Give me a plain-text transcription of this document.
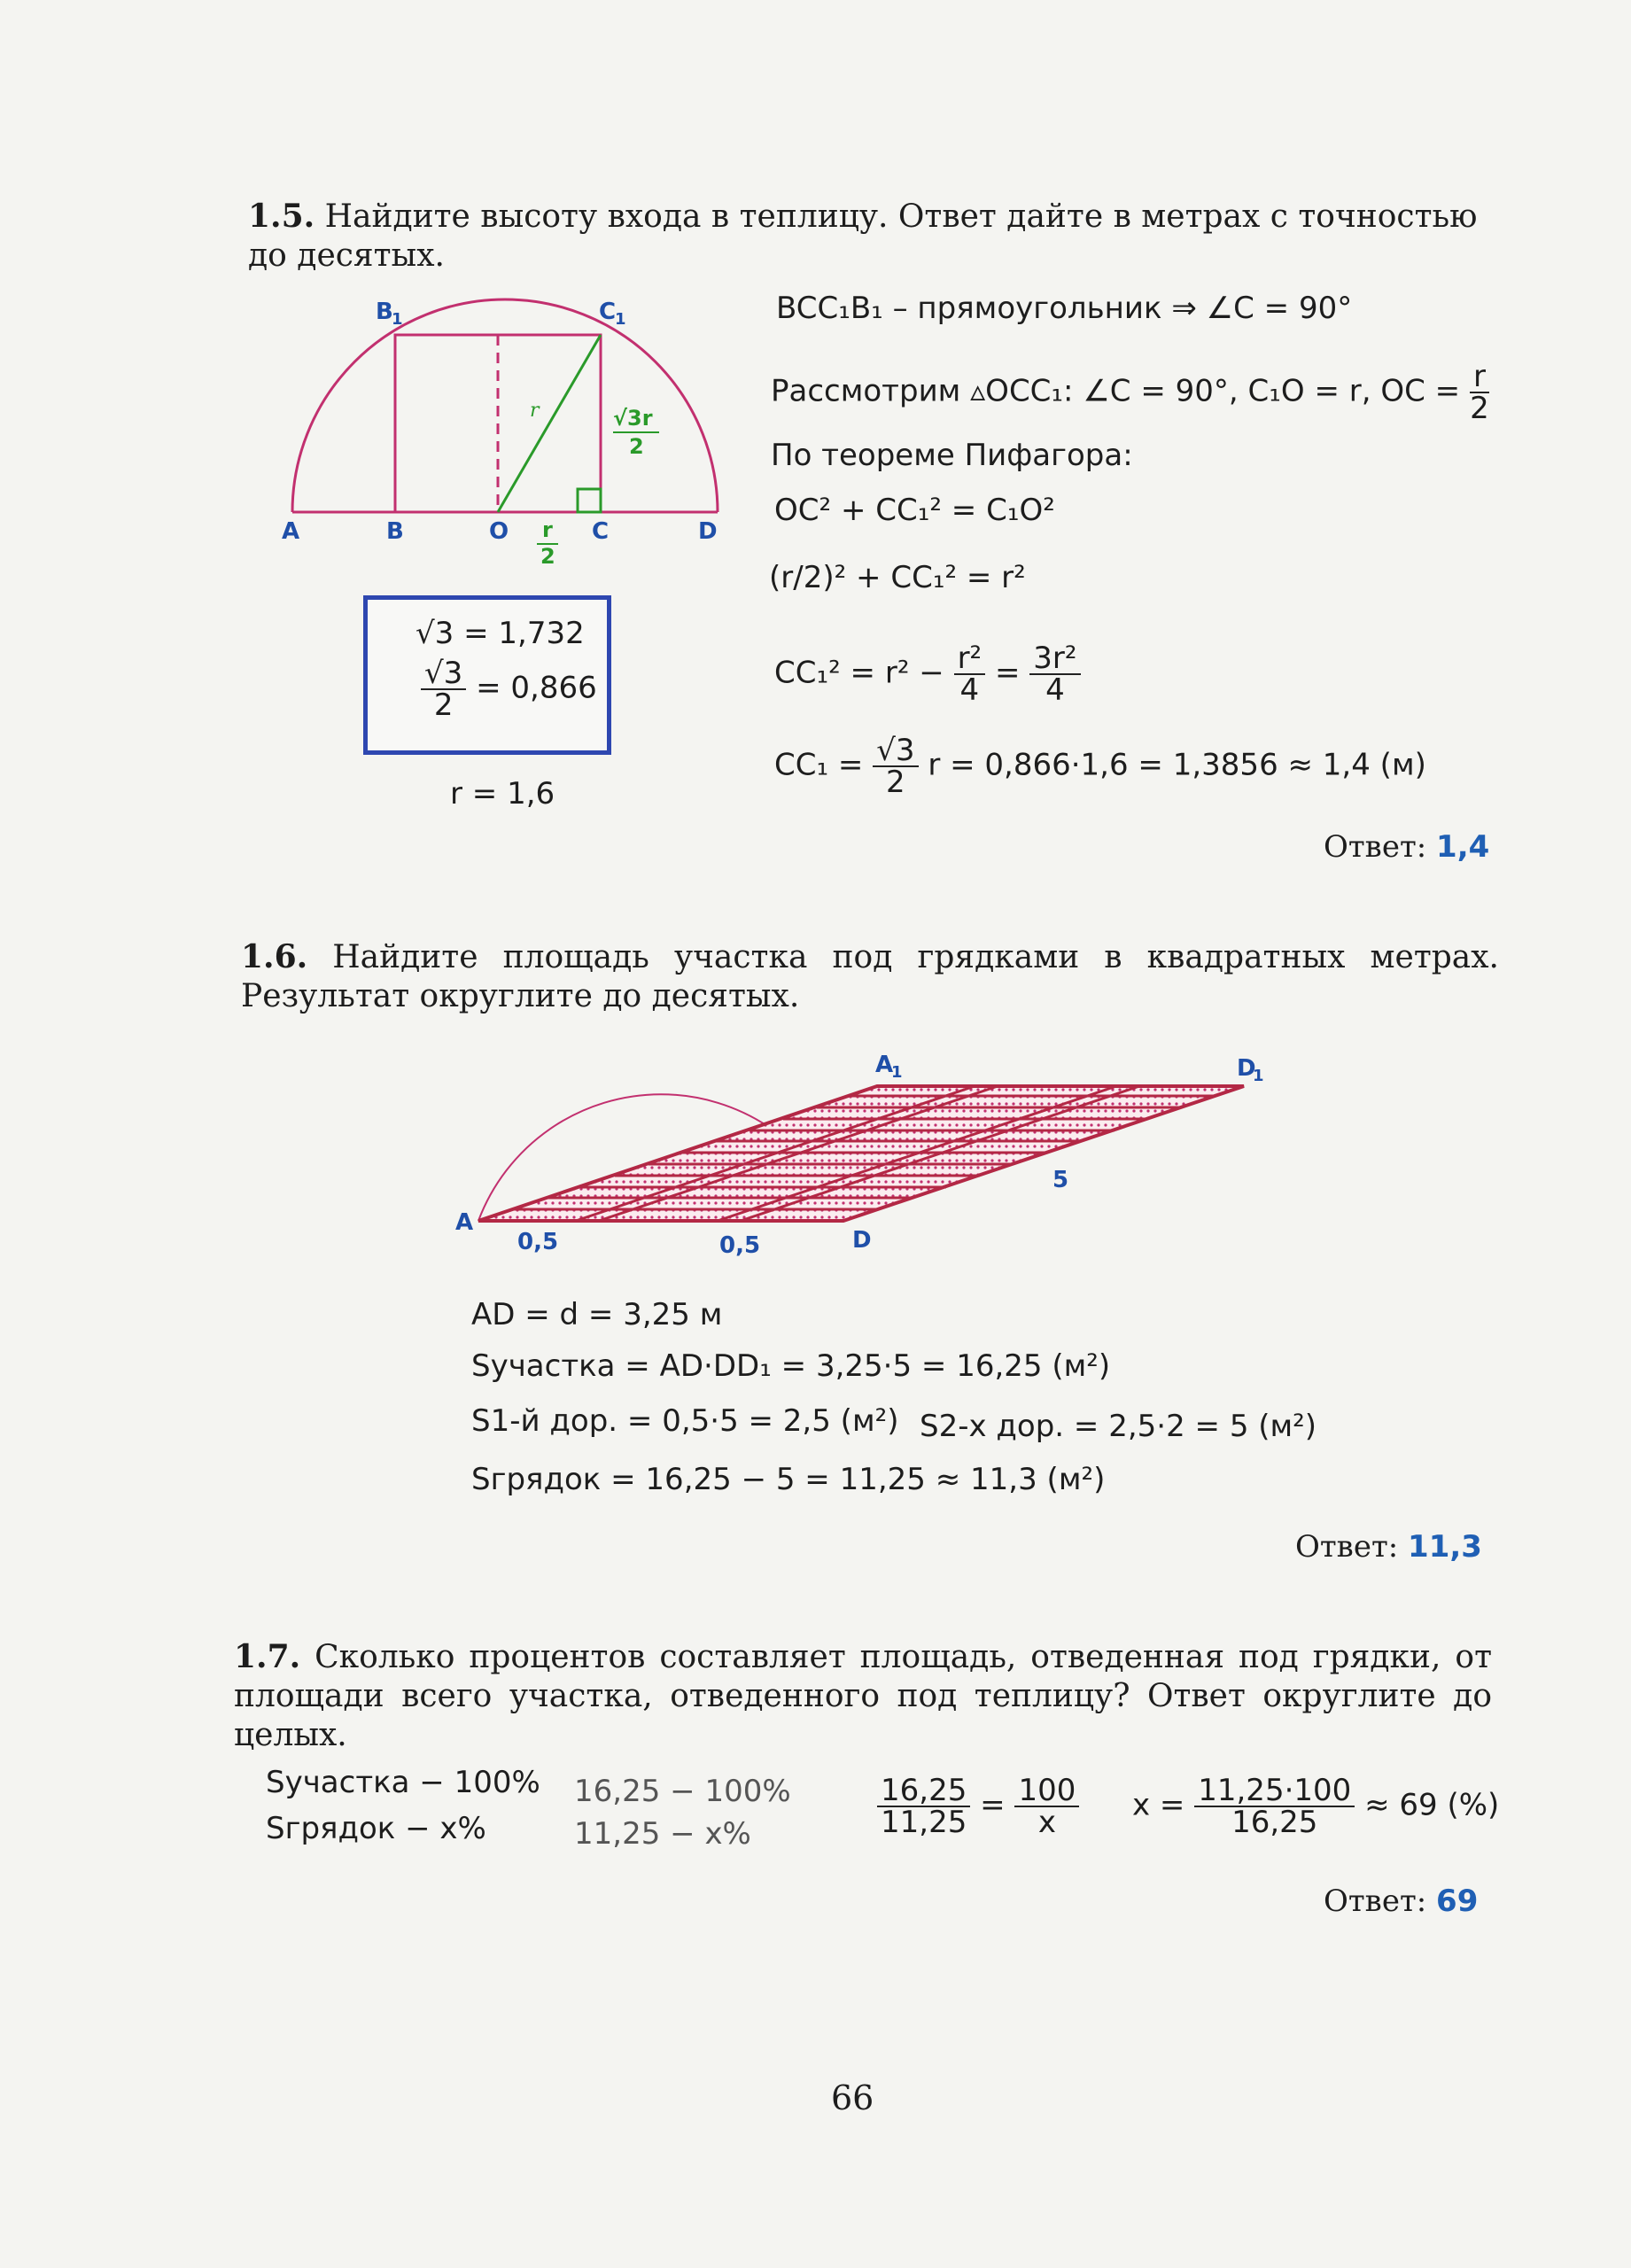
1.5. Найдите высоту входа в теплицу. Ответ дайте в метрах с точностью до десятых.
A	B	O	C	D
B
1	C
1
r	√3r
2
r
2
√3 = 1,732
$\frac{√3}{2} = 0,866$
r = 1,6
BCC₁B₁ – прямоугольник ⇒ ∠C = 90°
Рассмотрим ▵OCC₁: ∠C = 90°, C₁O = r, OC = $\frac{r}{2}$
По теореме Пифагора:
OC² + CC₁² = C₁O²
(r/2)² + CC₁² = r²
$CC_1^2 = r^2 - \frac{\text{r²}}{4} = \frac{\text{3r²}}{4}$
$CC_1 = \frac{√3}{2}$ r = 0,866·1,6 = 1,3856 ≈ 1,4 (м)
Ответ: 1,4
1.6. Найдите площадь участка под грядками в квадратных метрах. Результат округлите до десятых.
A
A
1
D
D
1
5
0,5	0,5
AD = d = 3,25 м
Sучастка = AD·DD₁ = 3,25·5 = 16,25 (м²)
S1-й дор. = 0,5·5 = 2,5 (м²) S2-х дор. = 2,5·2 = 5 (м²)
Sгрядок = 16,25 − 5 = 11,25 ≈ 11,3 (м²)
Ответ: 11,3
1.7. Сколько процентов составляет площадь, отведенная под грядки, от площади всего участка, отведенного под теплицу? Ответ округлите до целых.
Sучастка − 100%
Sгрядок − x%
16,25 − 100%
11,25 − x%	$\frac{16,25}{11,25} = \frac{100}{x}$ $x = \frac{11,25\cdot 100}{16,25} \approx 69$ (%)
Ответ: 69
66
